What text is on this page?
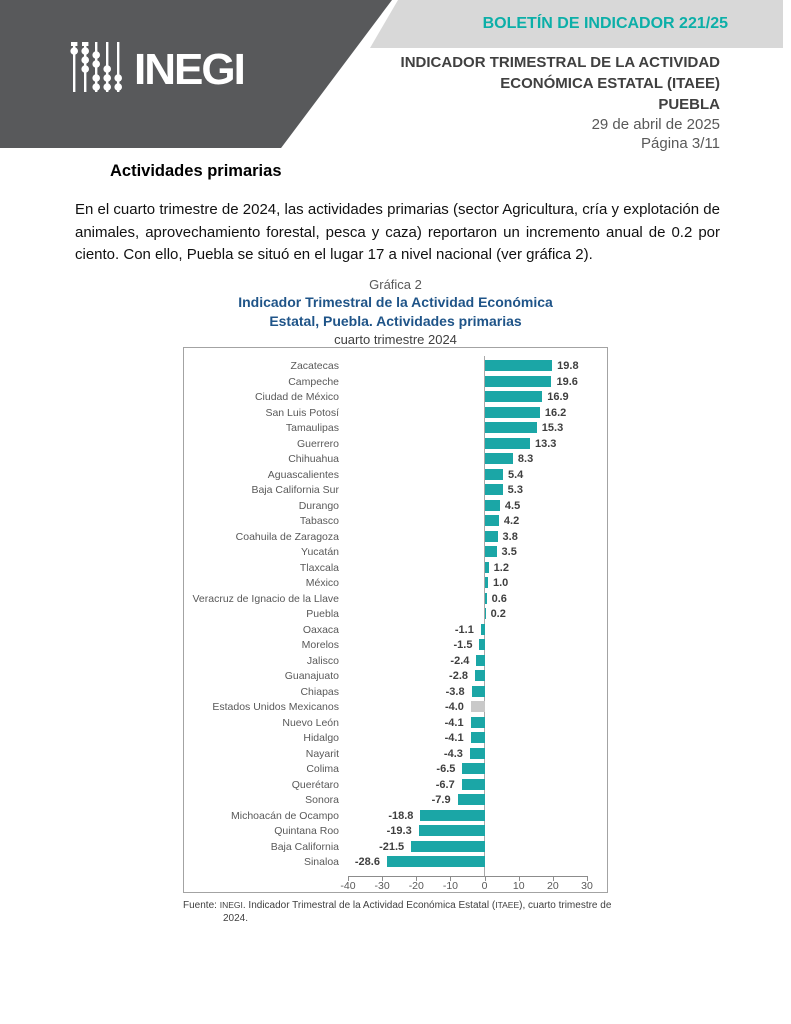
INEGI
BOLETÍN DE INDICADOR 221/25
INDICADOR TRIMESTRAL DE LA ACTIVIDAD
ECONÓMICA ESTATAL (ITAEE)
PUEBLA
29 de abril de 2025
Página 3/11
Actividades primarias
En el cuarto trimestre de 2024, las actividades primarias (sector Agricultura, cría y explotación de animales, aprovechamiento forestal, pesca y caza) reportaron un incremento anual de 0.2 por ciento. Con ello, Puebla se situó en el lugar 17 a nivel nacional (ver gráfica 2).
Gráfica 2
Indicador Trimestral de la Actividad Económica
Estatal, Puebla. Actividades primarias
cuarto trimestre 2024
Zacatecas	19.8
Campeche	19.6
Ciudad de México	16.9
San Luis Potosí	16.2
Tamaulipas	15.3
Guerrero	13.3
Chihuahua	8.3
Aguascalientes	5.4
Baja California Sur	5.3
Durango	4.5
Tabasco	4.2
Coahuila de Zaragoza	3.8
Yucatán	3.5
Tlaxcala	1.2
México	1.0
Veracruz de Ignacio de la Llave	0.6
Puebla	0.2
Oaxaca	-1.1
Morelos	-1.5
Jalisco	-2.4
Guanajuato	-2.8
Chiapas	-3.8
Estados Unidos Mexicanos	-4.0
Nuevo León	-4.1
Hidalgo	-4.1
Nayarit	-4.3
Colima	-6.5
Querétaro	-6.7
Sonora	-7.9
Michoacán de Ocampo	-18.8
Quintana Roo	-19.3
Baja California	-21.5
Sinaloa -28.6
-40	-30	-20	-10	0	10	20	30
Fuente: INEGI. Indicador Trimestral de la Actividad Económica Estatal (ITAEE), cuarto trimestre de 2024.
